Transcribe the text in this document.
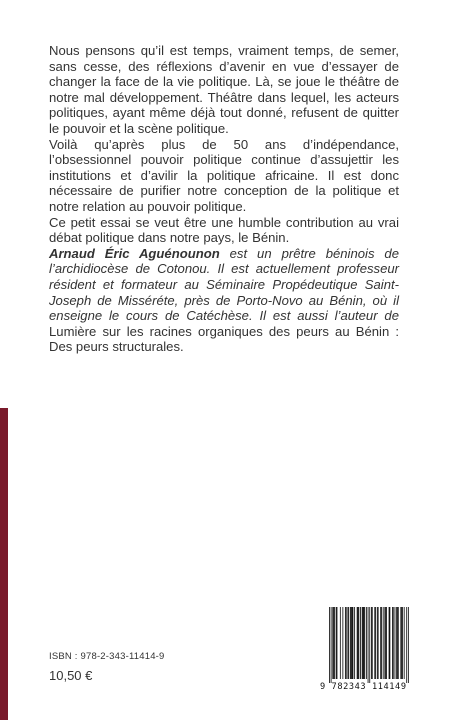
Nous pensons qu’il est temps, vraiment temps, de semer, sans cesse, des réflexions d’avenir en vue d’essayer de changer la face de la vie politique. Là, se joue le théâtre de notre mal développement. Théâtre dans lequel, les acteurs politiques, ayant même déjà tout donné, refusent de quitter le pouvoir et la scène politique.

Voilà qu’après plus de 50 ans d’indépendance, l’obsessionnel pouvoir politique continue d’assujettir les institutions et d’avilir la politique africaine. Il est donc nécessaire de purifier notre conception de la politique et notre relation au pouvoir politique.

Ce petit essai se veut être une humble contribution au vrai débat politique dans notre pays, le Bénin.

Arnaud Éric Aguénounon est un prêtre béninois de l’archidiocèse de Cotonou. Il est actuellement professeur résident et formateur au Séminaire Propédeutique Saint-Joseph de Misséréte, près de Porto-Novo au Bénin, où il enseigne le cours de Catéchèse. Il est aussi l’auteur de Lumière sur les racines organiques des peurs au Bénin : Des peurs structurales.

ISBN : 978-2-343-11414-9
10,50 €
9 782343 114149
